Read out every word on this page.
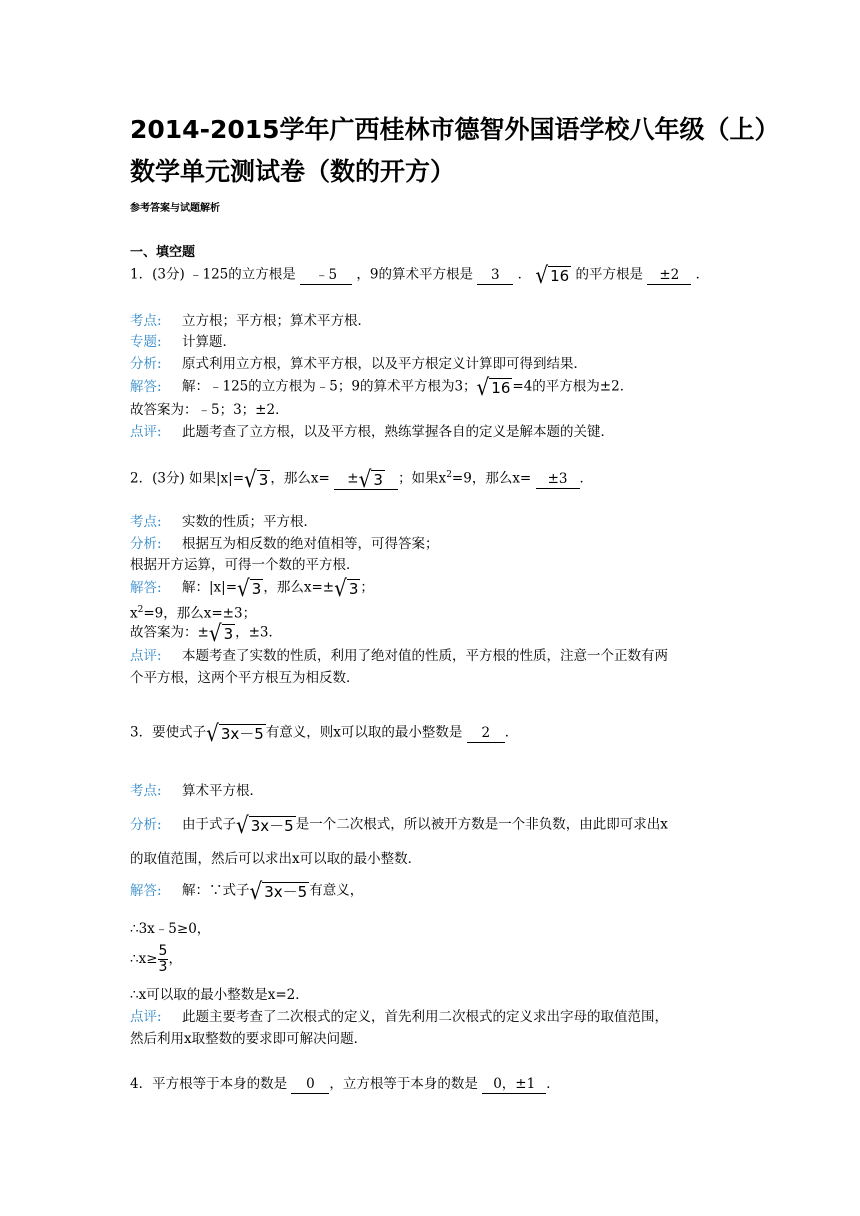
2014-2015学年广西桂林市德智外国语学校八年级（上）
数学单元测试卷（数的开方）
参考答案与试题解析
一、填空题
1．(3分) ﹣125的立方根是 ﹣5 ，9的算术平方根是 3 ． √ 16 的平方根是 ±2 ．
考点: 立方根；平方根；算术平方根．
专题: 计算题．
分析: 原式利用立方根，算术平方根，以及平方根定义计算即可得到结果．
解答: 解：﹣125的立方根为﹣5；9的算术平方根为3； √ 16 =4的平方根为±2．
故答案为：﹣5；3；±2．
点评: 此题考查了立方根，以及平方根，熟练掌握各自的定义是解本题的关键．
2．(3分) 如果|x|= √ 3 ，那么x= ± √ 3 ；如果$x^2=9$，那么x= ±3 ．
考点: 实数的性质；平方根．
分析: 根据互为相反数的绝对值相等，可得答案；
根据开方运算，可得一个数的平方根．
解答: 解：|x|= √ 3 ，那么x=± √ 3 ；
$x^2=9$，那么x=±3；
故答案为：± √ 3 ，±3．
点评: 本题考查了实数的性质，利用了绝对值的性质，平方根的性质，注意一个正数有两
个平方根，这两个平方根互为相反数．
3．要使式子 √ 3x－5 有意义，则x可以取的最小整数是 2 ．
考点: 算术平方根．
分析: 由于式子 √ 3x－5 是一个二次根式，所以被开方数是一个非负数，由此即可求出x
的取值范围，然后可以求出x可以取的最小整数．
解答: 解：∵式子 √ 3x－5 有意义，
∴3x﹣5≥0，
∴x≥ $\frac{5}{3}$ ，
∴x可以取的最小整数是x=2．
点评: 此题主要考查了二次根式的定义，首先利用二次根式的定义求出字母的取值范围，
然后利用x取整数的要求即可解决问题．
4．平方根等于本身的数是 0 ，立方根等于本身的数是 0，±1 ．
